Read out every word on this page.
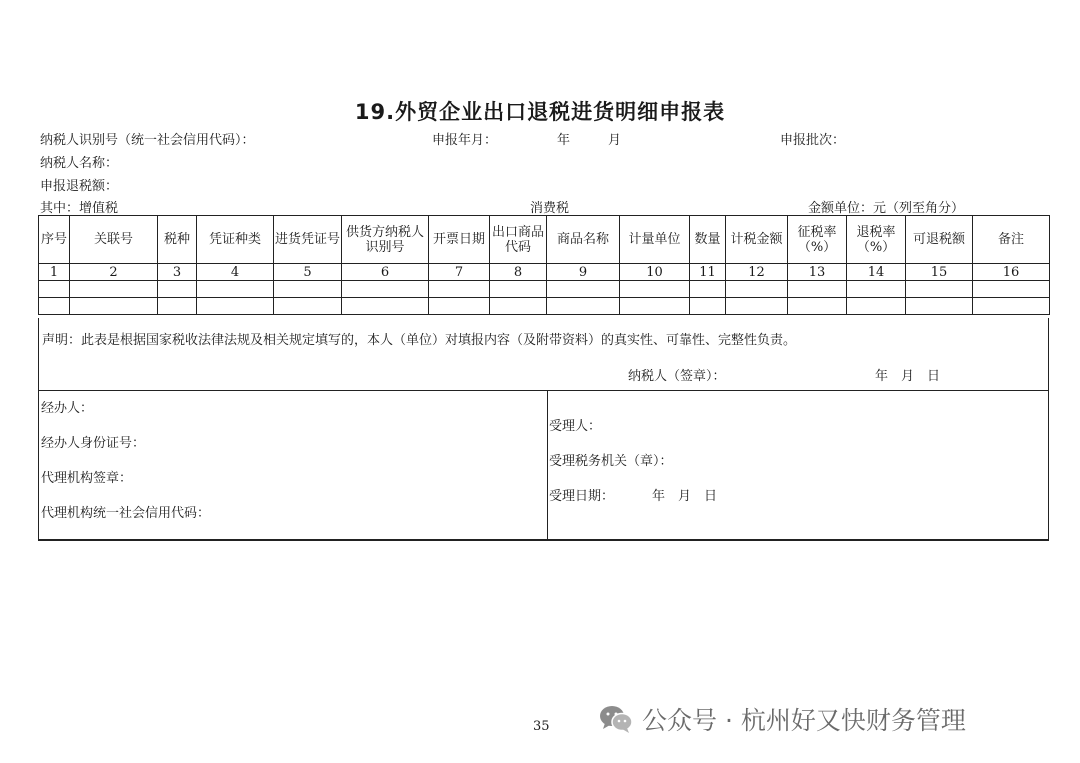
19.外贸企业出口退税进货明细申报表
纳税人识别号（统一社会信用代码）：	申报年月：	年	月	申报批次：
纳税人名称：
申报退税额：
其中：增值税	消费税	金额单位：元（列至角分）
序号	关联号	税种	凭证种类	进货凭证号	供货方纳税人识别号	开票日期	出口商品代码	商品名称	计量单位	数量	计税金额	征税率（%）	退税率（%）	可退税额	备注
1	2	3	4	5	6	7	8	9	10	11	12	13	14	15	16

声明：此表是根据国家税收法律法规及相关规定填写的，本人（单位）对填报内容（及附带资料）的真实性、可靠性、完整性负责。
纳税人（签章）：	年　月　日
经办人：
经办人身份证号：
代理机构签章：
代理机构统一社会信用代码：
受理人：
受理税务机关（章）：
受理日期：	年　月　日
35	公众号 · 杭州好又快财务管理
